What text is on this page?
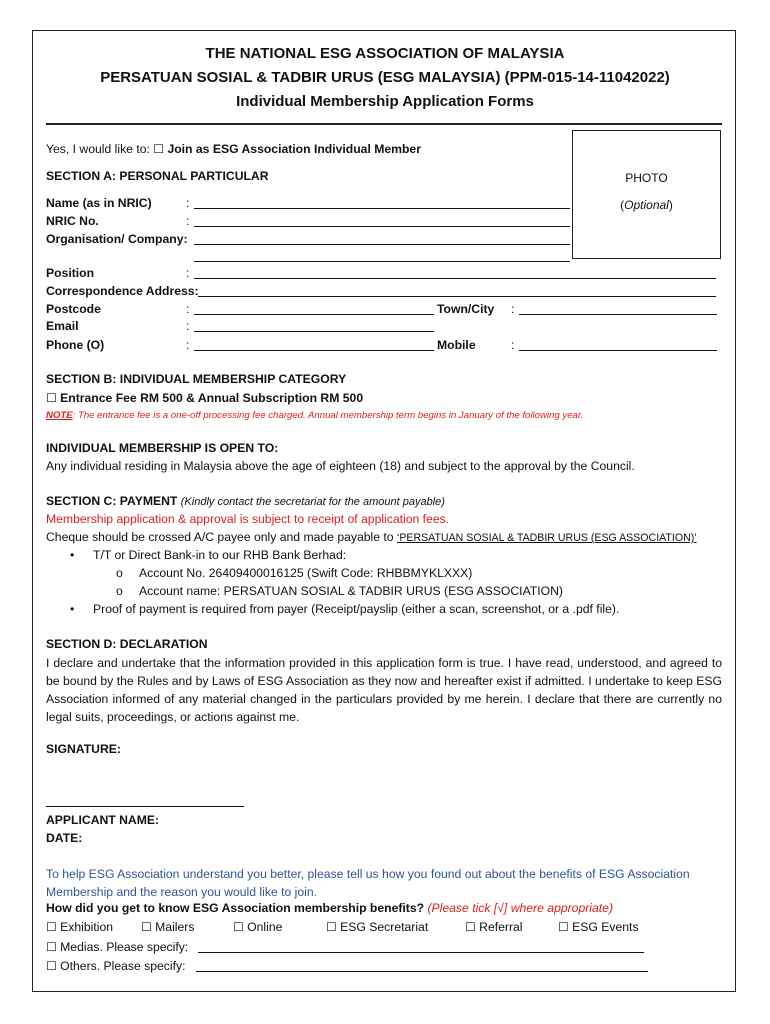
THE NATIONAL ESG ASSOCIATION OF MALAYSIA
PERSATUAN SOSIAL & TADBIR URUS (ESG MALAYSIA) (PPM-015-14-11042022)
Individual Membership Application Forms
PHOTO
(Optional)
Yes, I would like to: ☐ Join as ESG Association Individual Member
SECTION A: PERSONAL PARTICULAR
Name (as in NRIC)	:
NRIC No.	:
Organisation/ Company:
Position	:
Correspondence Address:
Postcode	:	Town/City :
Email	:
Phone (O)	:	Mobile	:
SECTION B: INDIVIDUAL MEMBERSHIP CATEGORY
☐ Entrance Fee RM 500 & Annual Subscription RM 500
NOTE: The entrance fee is a one-off processing fee charged. Annual membership term begins in January of the following year.
INDIVIDUAL MEMBERSHIP IS OPEN TO:
Any individual residing in Malaysia above the age of eighteen (18) and subject to the approval by the Council.
SECTION C: PAYMENT (Kindly contact the secretariat for the amount payable)
Membership application & approval is subject to receipt of application fees.
Cheque should be crossed A/C payee only and made payable to ‘PERSATUAN SOSIAL & TADBIR URUS (ESG ASSOCIATION)’
• T/T or Direct Bank-in to our RHB Bank Berhad:
o Account No. 26409400016125 (Swift Code: RHBBMYKLXXX)
o Account name: PERSATUAN SOSIAL & TADBIR URUS (ESG ASSOCIATION)
• Proof of payment is required from payer (Receipt/payslip (either a scan, screenshot, or a .pdf file).
SECTION D: DECLARATION
I declare and undertake that the information provided in this application form is true. I have read, understood, and agreed to be bound by the Rules and by Laws of ESG Association as they now and hereafter exist if admitted. I undertake to keep ESG Association informed of any material changed in the particulars provided by me herein. I declare that there are currently no legal suits, proceedings, or actions against me.
SIGNATURE:
APPLICANT NAME:
DATE:
To help ESG Association understand you better, please tell us how you found out about the benefits of ESG Association Membership and the reason you would like to join.
How did you get to know ESG Association membership benefits? (Please tick [√] where appropriate)
☐ Exhibition ☐ Mailers	☐ Online	☐ ESG Secretariat	☐ Referral	☐ ESG Events
☐ Medias. Please specify:
☐ Others. Please specify:
